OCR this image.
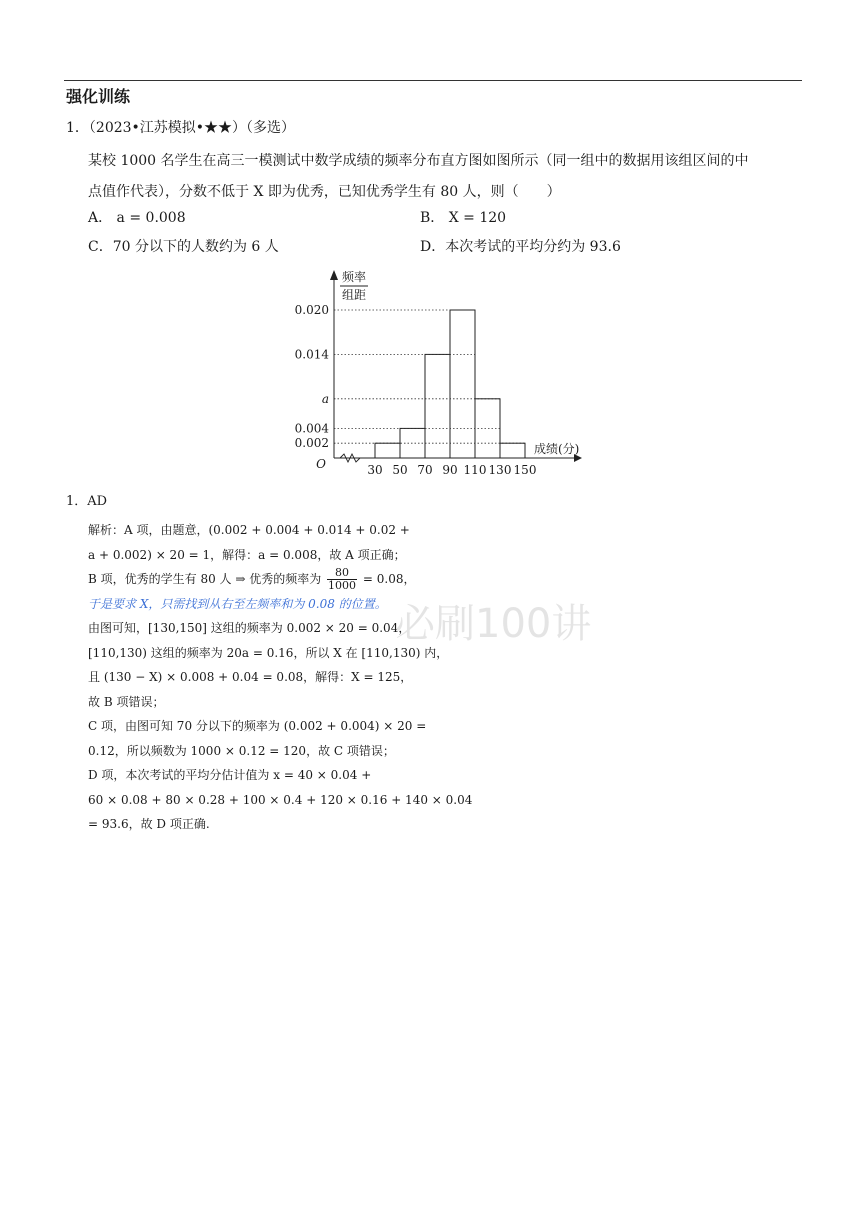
强化训练
1．（2023•江苏模拟•★★）（多选）

某校 1000 名学生在高三一模测试中数学成绩的频率分布直方图如图所示（同一组中的数据用该组区间的中

点值作代表），分数不低于 X 即为优秀，已知优秀学生有 80 人，则（　　）

A． a = 0.008	B． X = 120
C．70 分以下的人数约为 6 人	D．本次考试的平均分约为 93.6
0.002
0.004
a
0.014
0.020
30 50 70 90 110 130 150
O
频率
组距
成绩(分)
1．AD
解析：A 项，由题意，(0.002 + 0.004 + 0.014 + 0.02 +
a + 0.002) × 20 = 1，解得：a = 0.008，故 A 项正确；
B 项，优秀的学生有 80 人 ⇒ 优秀的频率为 $\frac{80}{1000} = 0.08$，
于是要求 X，只需找到从右至左频率和为 0.08 的位置。
由图可知，[130,150] 这组的频率为 0.002 × 20 = 0.04，
[110,130) 这组的频率为 20a = 0.16，所以 X 在 [110,130) 内，
且 (130 − X) × 0.008 + 0.04 = 0.08，解得：X = 125，
故 B 项错误；
C 项，由图可知 70 分以下的频率为 (0.002 + 0.004) × 20 =
0.12，所以频数为 1000 × 0.12 = 120，故 C 项错误；
D 项，本次考试的平均分估计值为 x = 40 × 0.04 +
60 × 0.08 + 80 × 0.28 + 100 × 0.4 + 120 × 0.16 + 140 × 0.04
= 93.6，故 D 项正确.
必刷100讲
